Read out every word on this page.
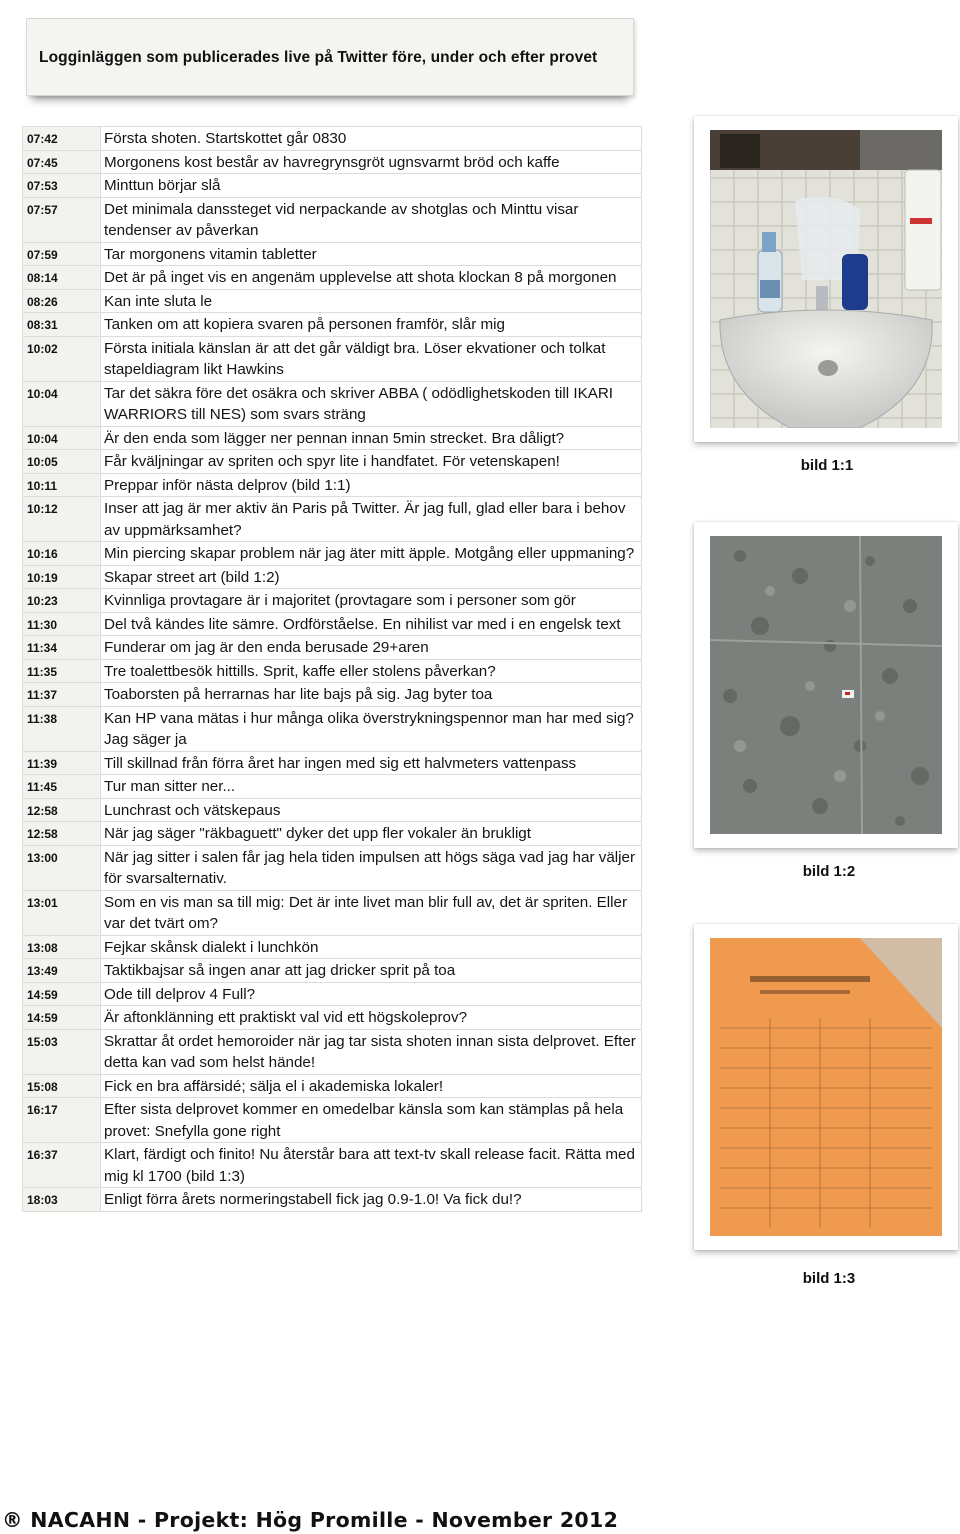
Logginläggen som publicerades live på Twitter före, under och efter provet
07:42	Första shoten. Startskottet går 0830
07:45	Morgonens kost består av havregrynsgröt ugnsvarmt bröd och kaffe
07:53	Minttun börjar slå
07:57	Det minimala danssteget vid nerpackande av shotglas och Minttu visar tendenser av påverkan
07:59	Tar morgonens vitamin tabletter
08:14	Det är på inget vis en angenäm upplevelse att shota klockan 8 på morgonen
08:26	Kan inte sluta le
08:31	Tanken om att kopiera svaren på personen framför, slår mig
10:02	Första initiala känslan är att det går väldigt bra. Löser ekvationer och tolkat stapeldiagram likt Hawkins
10:04	Tar det säkra före det osäkra och skriver ABBA ( odödlighetskoden till IKARI WARRIORS till NES) som svars sträng
10:04	Är den enda som lägger ner pennan innan 5min strecket. Bra dåligt?
10:05	Får kväljningar av spriten och spyr lite i handfatet. För vetenskapen!
10:11	Preppar inför nästa delprov (bild 1:1)
10:12	Inser att jag är mer aktiv än Paris på Twitter. Är jag full, glad eller bara i behov av uppmärksamhet?
10:16	Min piercing skapar problem när jag äter mitt äpple. Motgång eller uppmaning?
10:19	Skapar street art (bild 1:2)
10:23	Kvinnliga provtagare är i majoritet (provtagare som i personer som gör
11:30	Del två kändes lite sämre. Ordförståelse. En nihilist var med i en engelsk text
11:34	Funderar om jag är den enda berusade 29+aren
11:35	Tre toalettbesök hittills. Sprit, kaffe eller stolens påverkan?
11:37	Toaborsten på herrarnas har lite bajs på sig. Jag byter toa
11:38	Kan HP vana mätas i hur många olika överstrykningspennor man har med sig? Jag säger ja
11:39	Till skillnad från förra året har ingen med sig ett halvmeters vattenpass
11:45	Tur man sitter ner...
12:58	Lunchrast och vätskepaus
12:58	När jag säger "räkbaguett" dyker det upp fler vokaler än brukligt
13:00	När jag sitter i salen får jag hela tiden impulsen att högs säga vad jag har väljer för svarsalternativ.
13:01	Som en vis man sa till mig: Det är inte livet man blir full av, det är spriten. Eller var det tvärt om?
13:08	Fejkar skånsk dialekt i lunchkön
13:49	Taktikbajsar så ingen anar att jag dricker sprit på toa
14:59	Ode till delprov 4 Full?
14:59	Är aftonklänning ett praktiskt val vid ett högskoleprov?
15:03	Skrattar åt ordet hemoroider när jag tar sista shoten innan sista delprovet. Efter detta kan vad som helst hände!
15:08	Fick en bra affärsidé; sälja el i akademiska lokaler!
16:17	Efter sista delprovet kommer en omedelbar känsla som kan stämplas på hela provet: Snefylla gone right
16:37	Klart, färdigt och finito! Nu återstår bara att text-tv skall release facit. Rätta med mig kl 1700 (bild 1:3)
18:03	Enligt förra årets normeringstabell fick jag 0.9-1.0! Va fick du!?
bild 1:1
bild 1:2
bild 1:3
® NACAHN - Projekt: Hög Promille - November 2012
